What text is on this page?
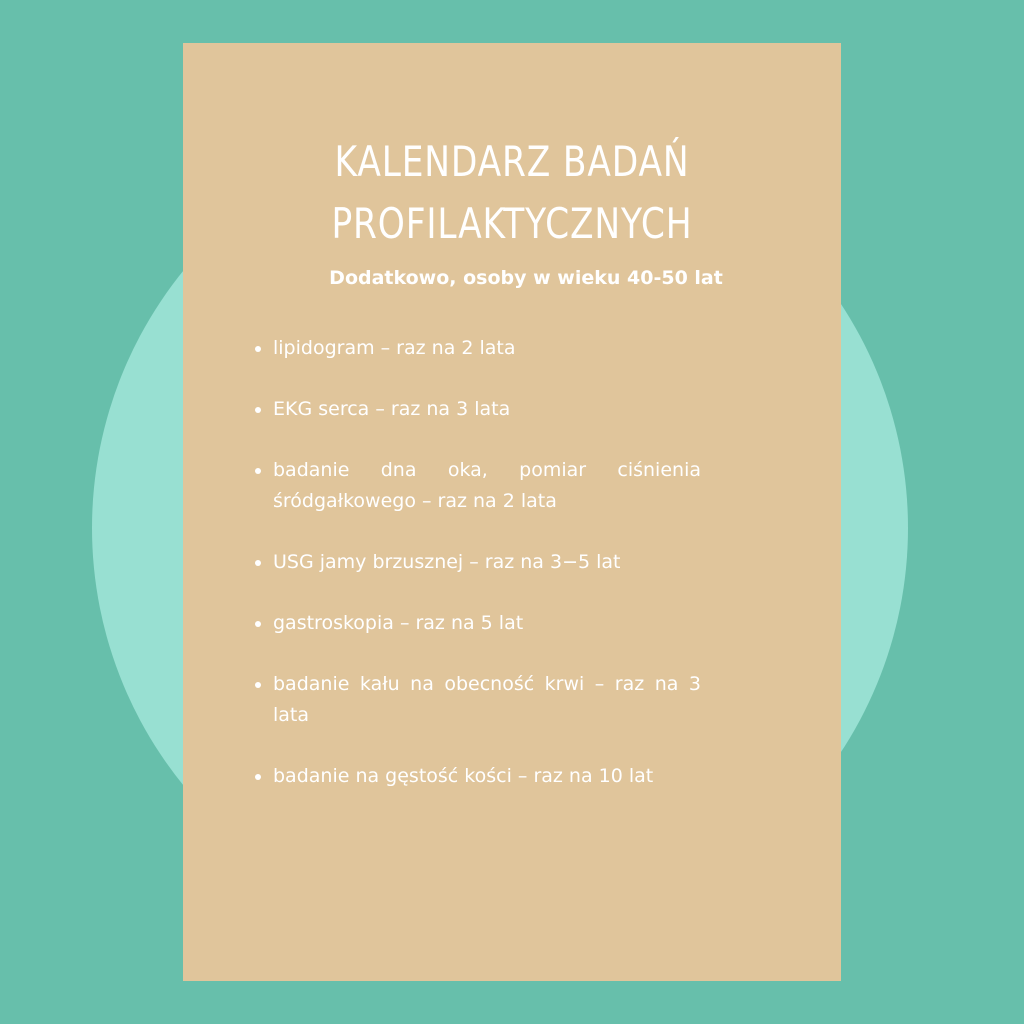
KALENDARZ BADAŃ
PROFILAKTYCZNYCH
Dodatkowo, osoby w wieku 40-50 lat
lipidogram – raz na 2 lata
EKG serca – raz na 3 lata
badanie dna oka, pomiar ciśnienia śródgałkowego – raz na 2 lata
USG jamy brzusznej – raz na 3−5 lat
gastroskopia – raz na 5 lat
badanie kału na obecność krwi – raz na 3 lata
badanie na gęstość kości – raz na 10 lat
